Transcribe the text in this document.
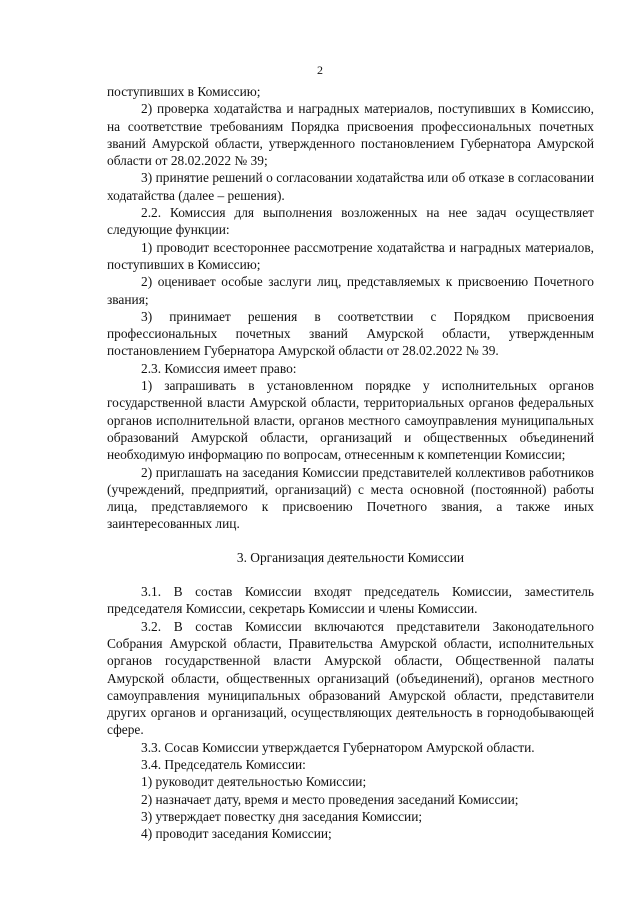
2

поступивших в Комиссию;

2) проверка ходатайства и наградных материалов, поступивших в Комиссию, на соответствие требованиям Порядка присвоения профессиональных почетных званий Амурской области, утвержденного постановлением Губернатора Амурской области от 28.02.2022 № 39;

3) принятие решений о согласовании ходатайства или об отказе в согласовании ходатайства (далее – решения).

2.2. Комиссия для выполнения возложенных на нее задач осуществляет следующие функции:

1) проводит всестороннее рассмотрение ходатайства и наградных материалов, поступивших в Комиссию;

2) оценивает особые заслуги лиц, представляемых к присвоению Почетного звания;

3) принимает решения в соответствии с Порядком присвоения профессиональных почетных званий Амурской области, утвержденным постановлением Губернатора Амурской области от 28.02.2022 № 39.

2.3. Комиссия имеет право:

1) запрашивать в установленном порядке у исполнительных органов государственной власти Амурской области, территориальных органов федеральных органов исполнительной власти, органов местного самоуправления муниципальных образований Амурской области, организаций и общественных объединений необходимую информацию по вопросам, отнесенным к компетенции Комиссии;

2) приглашать на заседания Комиссии представителей коллективов работников (учреждений, предприятий, организаций) с места основной (постоянной) работы лица, представляемого к присвоению Почетного звания, а также иных заинтересованных лиц.

3. Организация деятельности Комиссии

3.1. В состав Комиссии входят председатель Комиссии, заместитель председателя Комиссии, секретарь Комиссии и члены Комиссии.

3.2. В состав Комиссии включаются представители Законодательного Собрания Амурской области, Правительства Амурской области, исполнительных органов государственной власти Амурской области, Общественной палаты Амурской области, общественных организаций (объединений), органов местного самоуправления муниципальных образований Амурской области, представители других органов и организаций, осуществляющих деятельность в горнодобывающей сфере.

3.3. Сосав Комиссии утверждается Губернатором Амурской области.

3.4. Председатель Комиссии:

1) руководит деятельностью Комиссии;

2) назначает дату, время и место проведения заседаний Комиссии;

3) утверждает повестку дня заседания Комиссии;

4) проводит заседания Комиссии;
